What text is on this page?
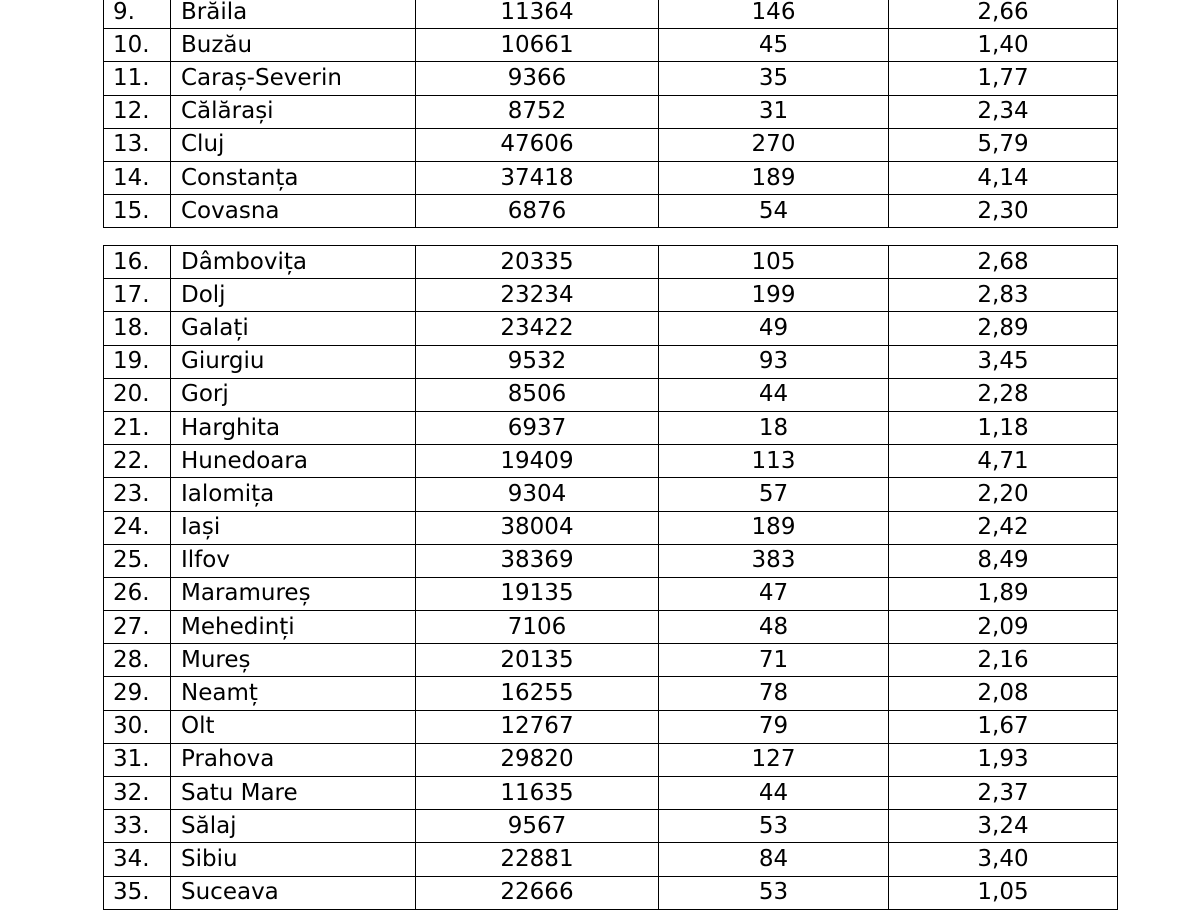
9.	Brăila	11364	146	2,66
10.	Buzău	10661	45	1,40
11.	Caraș-Severin	9366	35	1,77
12.	Călărași	8752	31	2,34
13.	Cluj	47606	270	5,79
14.	Constanța	37418	189	4,14
15.	Covasna	6876	54	2,30
16.	Dâmbovița	20335	105	2,68
17.	Dolj	23234	199	2,83
18.	Galați	23422	49	2,89
19.	Giurgiu	9532	93	3,45
20.	Gorj	8506	44	2,28
21.	Harghita	6937	18	1,18
22.	Hunedoara	19409	113	4,71
23.	Ialomița	9304	57	2,20
24.	Iași	38004	189	2,42
25.	Ilfov	38369	383	8,49
26.	Maramureș	19135	47	1,89
27.	Mehedinți	7106	48	2,09
28.	Mureș	20135	71	2,16
29.	Neamț	16255	78	2,08
30.	Olt	12767	79	1,67
31.	Prahova	29820	127	1,93
32.	Satu Mare	11635	44	2,37
33.	Sălaj	9567	53	3,24
34.	Sibiu	22881	84	3,40
35.	Suceava	22666	53	1,05
